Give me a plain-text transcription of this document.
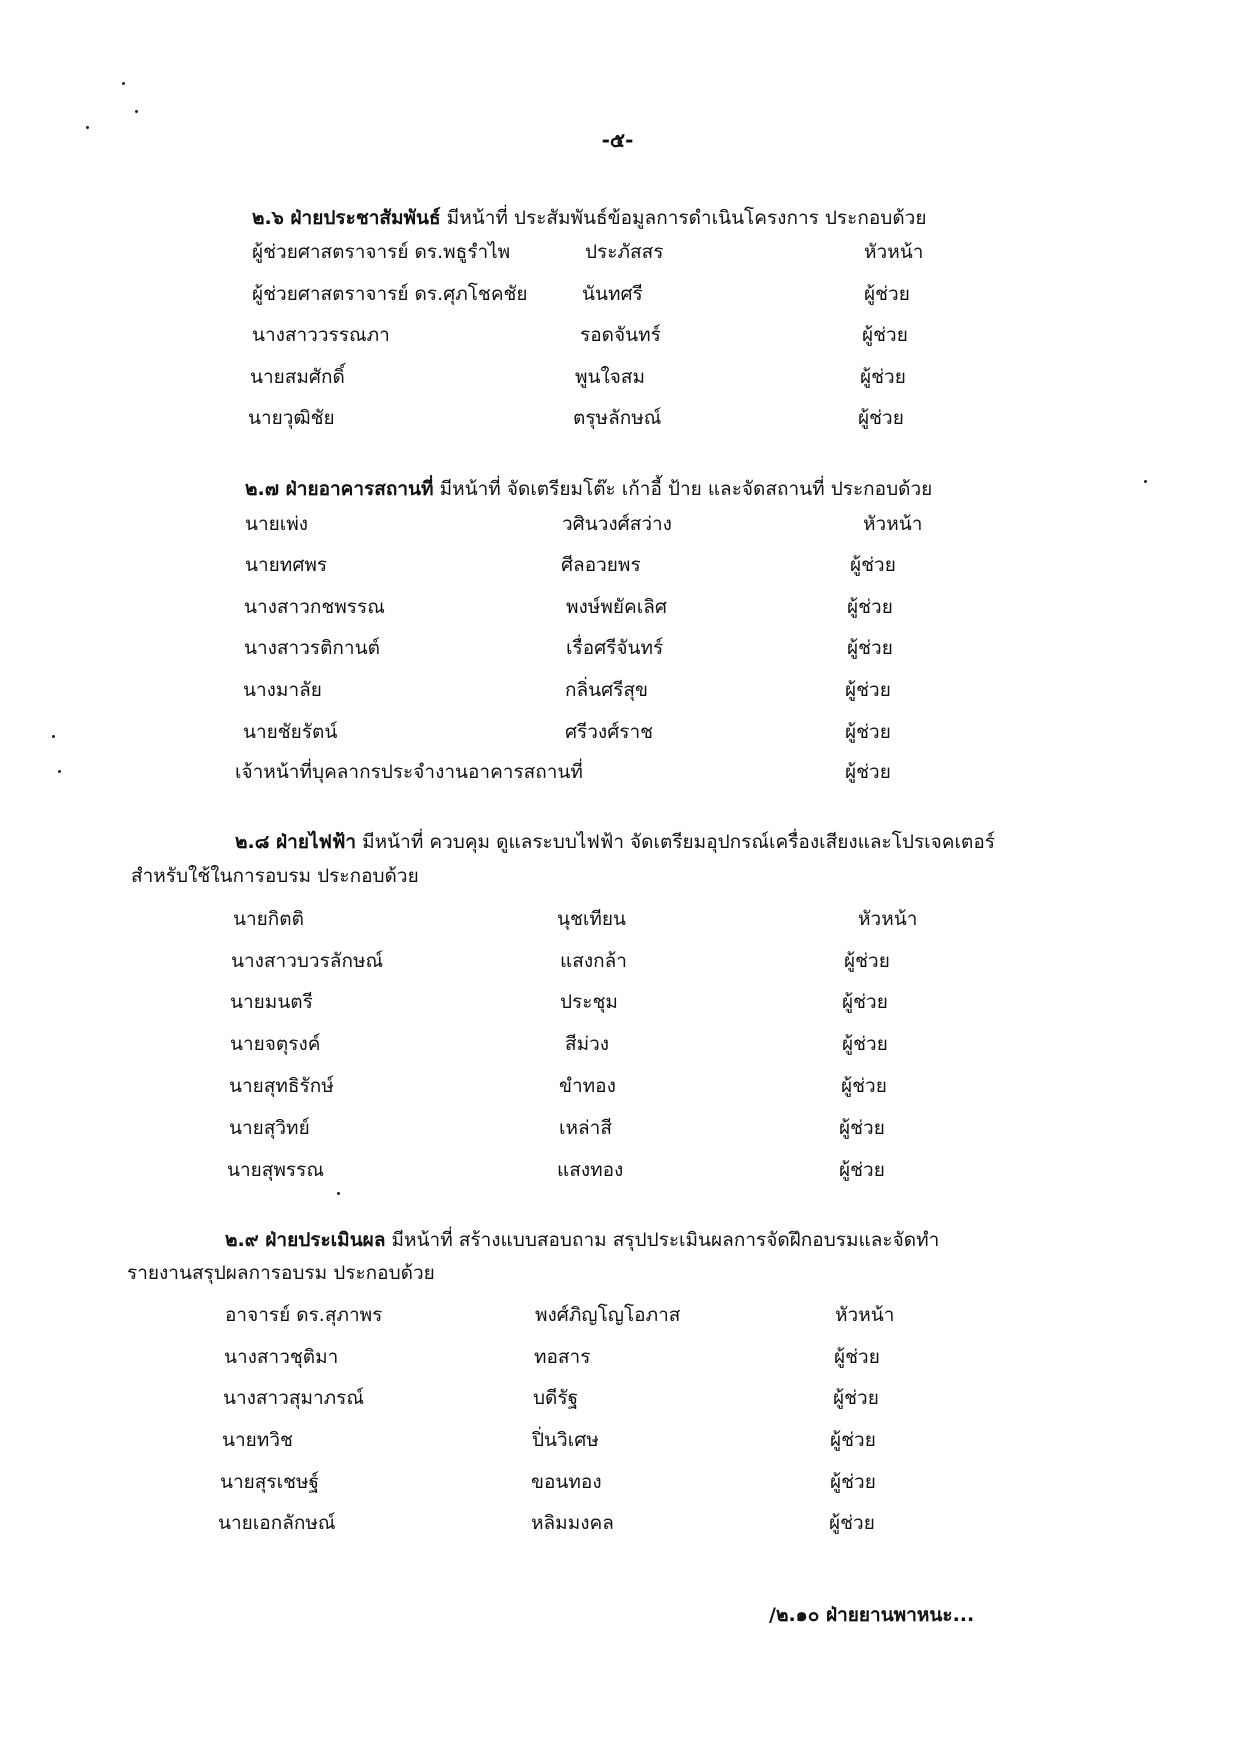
-๕-
๒.๖ ฝ่ายประชาสัมพันธ์ มีหน้าที่ ประสัมพันธ์ข้อมูลการดำเนินโครงการ ประกอบด้วย
ผู้ช่วยศาสตราจารย์ ดร.พธูรำไพ	ประภัสสร	หัวหน้า
ผู้ช่วยศาสตราจารย์ ดร.ศุภโชคชัย	นันทศรี	ผู้ช่วย
นางสาววรรณภา	รอดจันทร์	ผู้ช่วย
นายสมศักดิ์	พูนใจสม	ผู้ช่วย
นายวุฒิชัย	ตรุษลักษณ์	ผู้ช่วย
๒.๗ ฝ่ายอาคารสถานที่ มีหน้าที่ จัดเตรียมโต๊ะ เก้าอี้ ป้าย และจัดสถานที่ ประกอบด้วย
นายเพ่ง	วศินวงศ์สว่าง	หัวหน้า
นายทศพร	ศีลอวยพร	ผู้ช่วย
นางสาวกชพรรณ	พงษ์พยัคเลิศ	ผู้ช่วย
นางสาวรติกานต์	เรื่อศรีจันทร์	ผู้ช่วย
นางมาลัย	กลิ่นศรีสุข	ผู้ช่วย
นายชัยรัตน์	ศรีวงศ์ราช	ผู้ช่วย
เจ้าหน้าที่บุคลากรประจำงานอาคารสถานที่	ผู้ช่วย
๒.๘ ฝ่ายไฟฟ้า มีหน้าที่ ควบคุม ดูแลระบบไฟฟ้า จัดเตรียมอุปกรณ์เครื่องเสียงและโปรเจคเตอร์
สำหรับใช้ในการอบรม ประกอบด้วย
นายกิตติ	นุชเทียน	หัวหน้า
นางสาวบวรลักษณ์	แสงกล้า	ผู้ช่วย
นายมนตรี	ประชุม	ผู้ช่วย
นายจตุรงค์	สีม่วง	ผู้ช่วย
นายสุทธิรักษ์	ขำทอง	ผู้ช่วย
นายสุวิทย์	เหล่าสี	ผู้ช่วย
นายสุพรรณ	แสงทอง	ผู้ช่วย
๒.๙ ฝ่ายประเมินผล มีหน้าที่ สร้างแบบสอบถาม สรุปประเมินผลการจัดฝึกอบรมและจัดทำ
รายงานสรุปผลการอบรม ประกอบด้วย
อาจารย์ ดร.สุภาพร	พงศ์ภิญโญโอภาส	หัวหน้า
นางสาวชุติมา	ทอสาร	ผู้ช่วย
นางสาวสุมาภรณ์	บดีรัฐ	ผู้ช่วย
นายทวิช	ปิ่นวิเศษ	ผู้ช่วย
นายสุรเชษฐ์	ขอนทอง	ผู้ช่วย
นายเอกลักษณ์	หลิมมงคล	ผู้ช่วย
/๒.๑๐ ฝ่ายยานพาหนะ...
